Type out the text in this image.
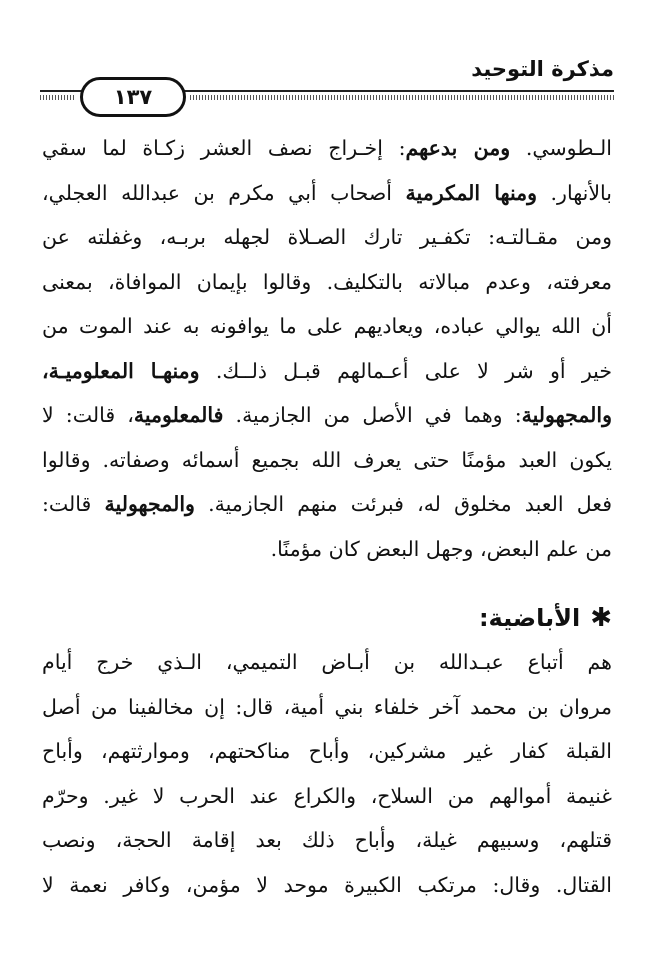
مذكرة التوحيد
١٣٧
الـطوسي. ومن بدعهم: إخـراج نصف العشر زكـاة لما سقي
بالأنهار. ومنها المكرمية أصحاب أبي مكرم بن عبدالله العجلي،
ومن مقـالتـه: تكفـير تارك الصـلاة لجهله بربـه، وغفلته عن
معرفته، وعدم مبالاته بالتكليف. وقالوا بإيمان الموافاة، بمعنى
أن الله يوالي عباده، ويعاديهم على ما يوافونه به عند الموت من
خير أو شر لا على أعـمالهم قبـل ذلــك. ومنهـا المعلوميـة،
والمجهولية: وهما في الأصل من الجازمية. فالمعلومية، قالت: لا
يكون العبد مؤمنًا حتى يعرف الله بجميع أسمائه وصفاته. وقالوا
فعل العبد مخلوق له، فبرئت منهم الجازمية. والمجهولية قالت:
من علم البعض، وجهل البعض كان مؤمنًا.
✱
الأباضية:
هم أتباع عبـدالله بن أبـاض التميمي، الـذي خرج أيام
مروان بن محمد آخر خلفاء بني أمية، قال: إن مخالفينا من أصل
القبلة كفار غير مشركين، وأباح مناكحتهم، وموارثتهم، وأباح
غنيمة أموالهم من السلاح، والكراع عند الحرب لا غير. وحرّم
قتلهم، وسبيهم غيلة، وأباح ذلك بعد إقامة الحجة، ونصب
القتال. وقال: مرتكب الكبيرة موحد لا مؤمن، وكافر نعمة لا
